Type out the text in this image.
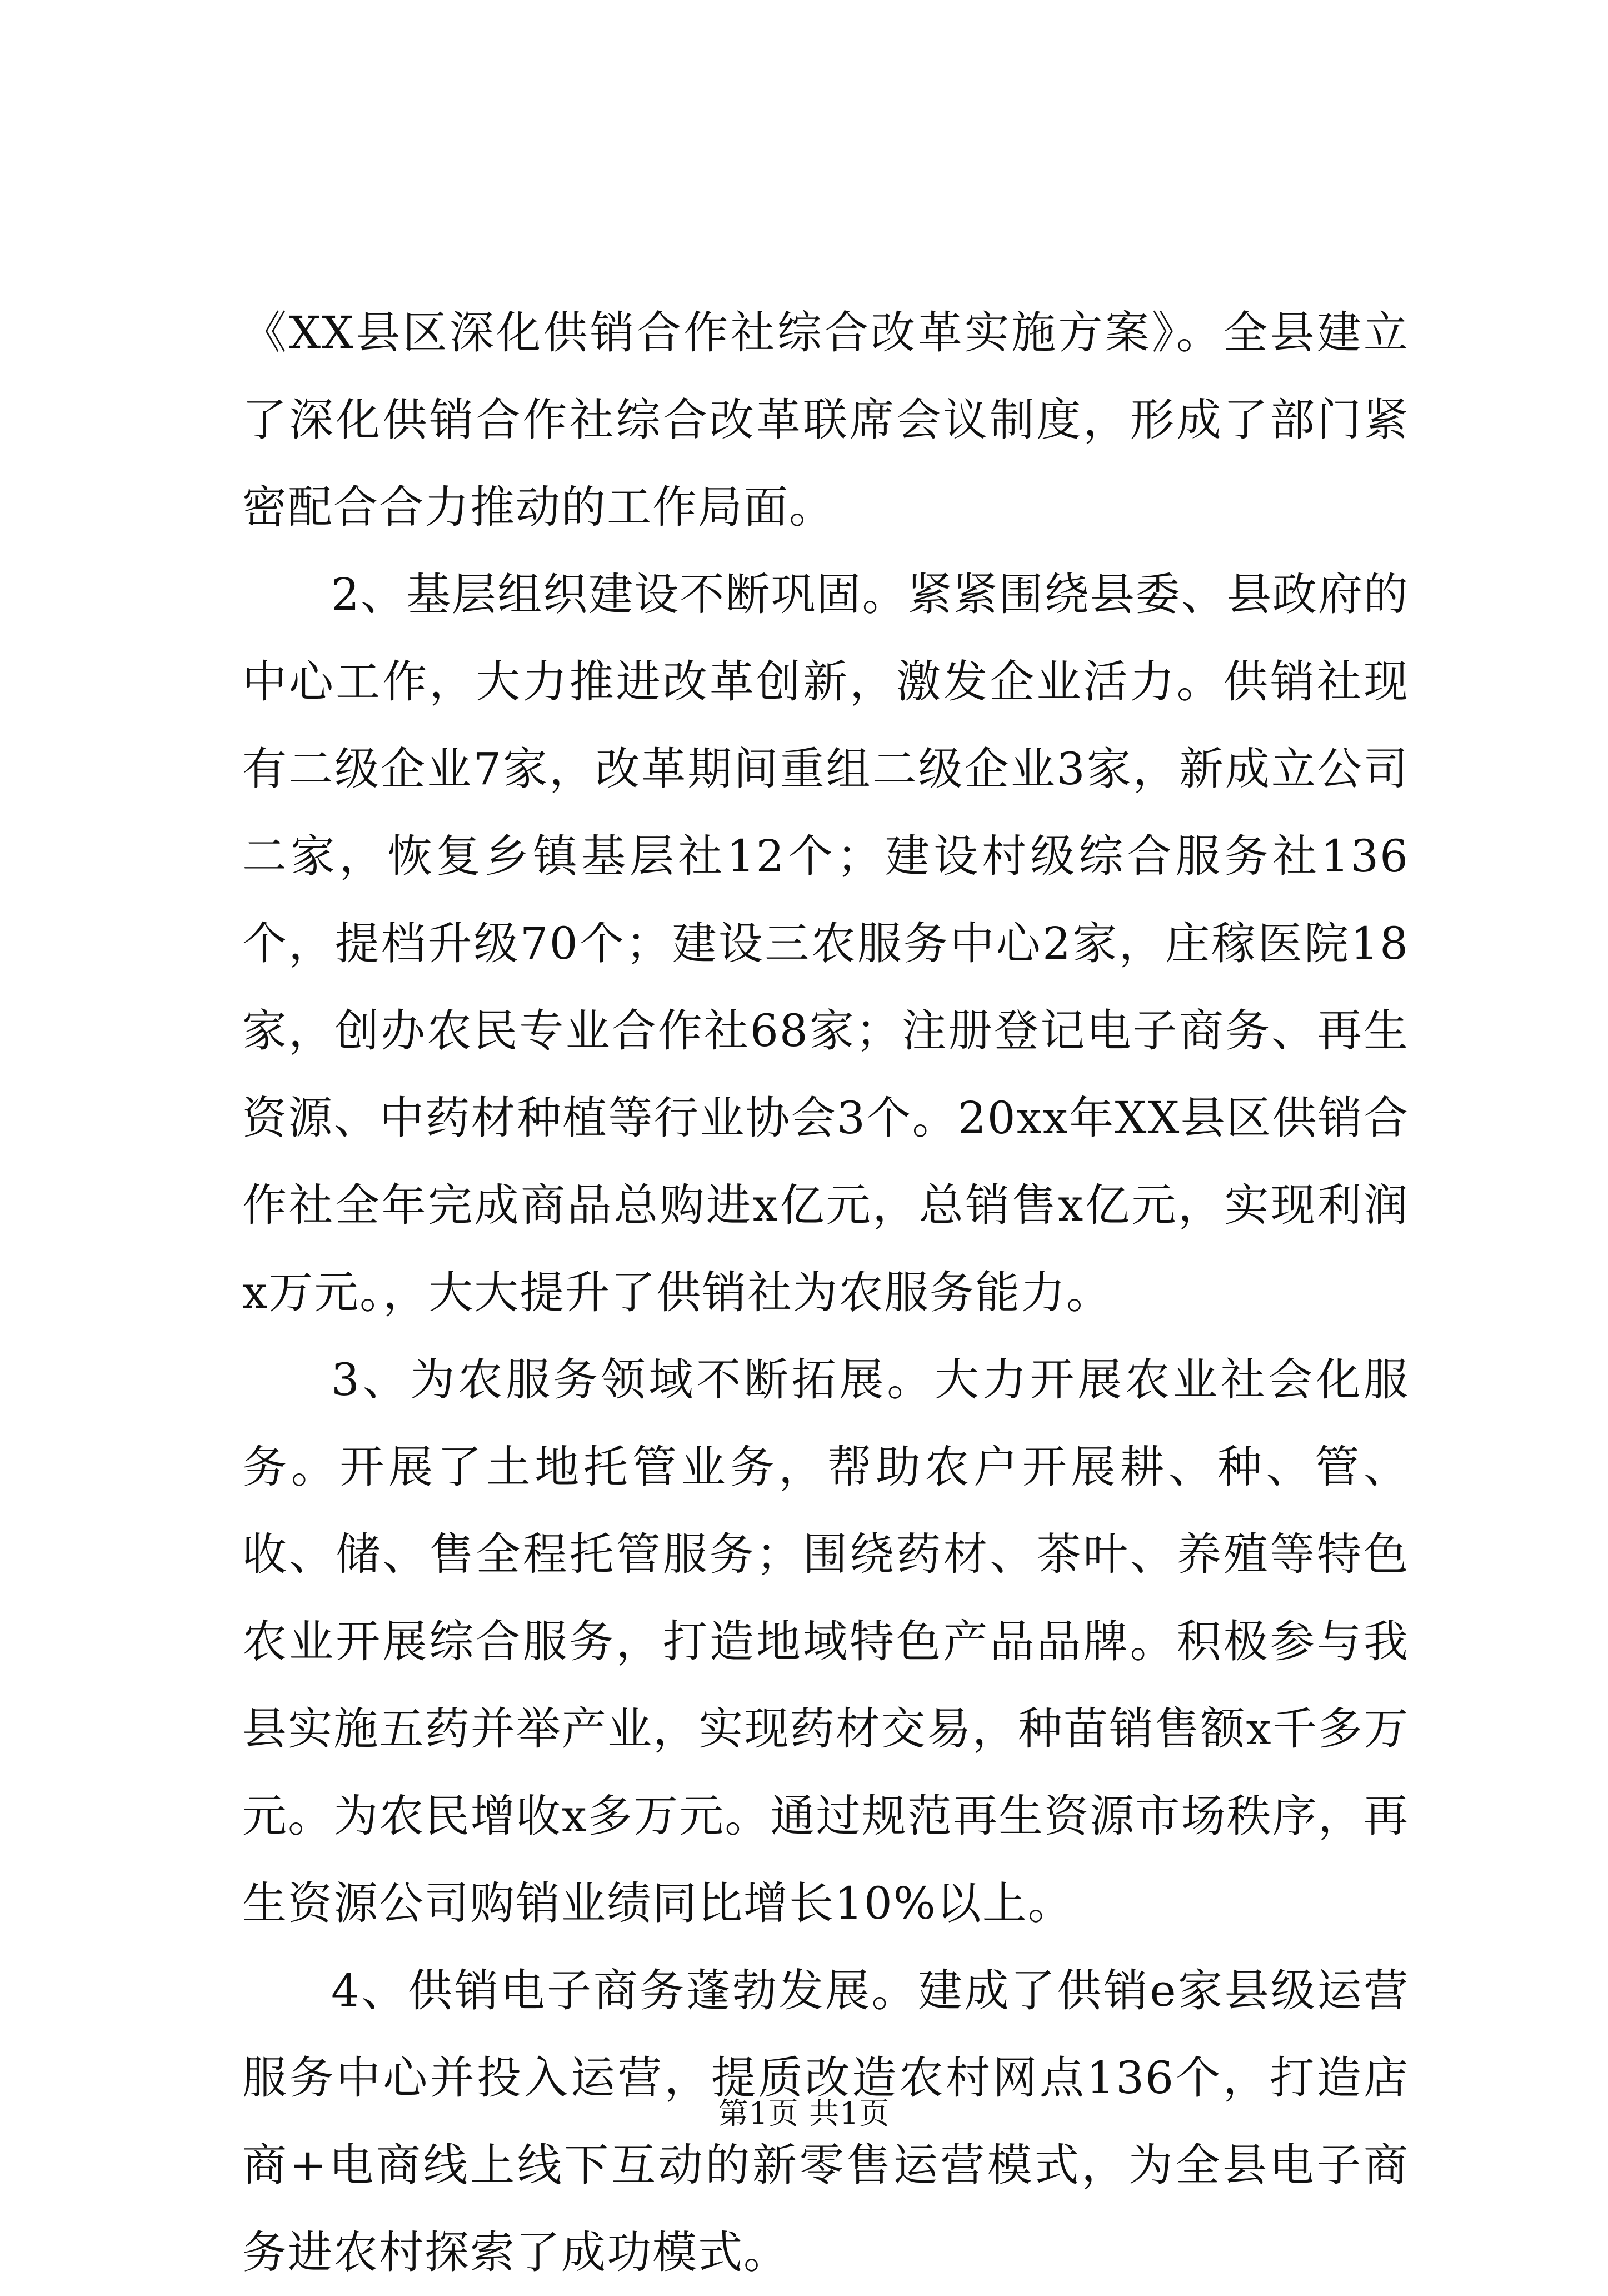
《XX县区深化供销合作社综合改革实施方案》。全县建立了深化供销合作社综合改革联席会议制度，形成了部门紧密配合合力推动的工作局面。

2、基层组织建设不断巩固。紧紧围绕县委、县政府的中心工作，大力推进改革创新，激发企业活力。供销社现有二级企业7家，改革期间重组二级企业3家，新成立公司二家，恢复乡镇基层社12个；建设村级综合服务社136个，提档升级70个；建设三农服务中心2家，庄稼医院18家，创办农民专业合作社68家；注册登记电子商务、再生资源、中药材种植等行业协会3个。20xx年XX县区供销合作社全年完成商品总购进x亿元，总销售x亿元，实现利润x万元。，大大提升了供销社为农服务能力。

3、为农服务领域不断拓展。大力开展农业社会化服务。开展了土地托管业务，帮助农户开展耕、种、管、收、储、售全程托管服务；围绕药材、茶叶、养殖等特色农业开展综合服务，打造地域特色产品品牌。积极参与我县实施五药并举产业，实现药材交易，种苗销售额x千多万元。为农民增收x多万元。通过规范再生资源市场秩序，再生资源公司购销业绩同比增长10%以上。

4、供销电子商务蓬勃发展。建成了供销e家县级运营服务中心并投入运营，提质改造农村网点136个，打造店商+电商线上线下互动的新零售运营模式，为全县电子商务进农村探索了成功模式。

第1页 共1页
